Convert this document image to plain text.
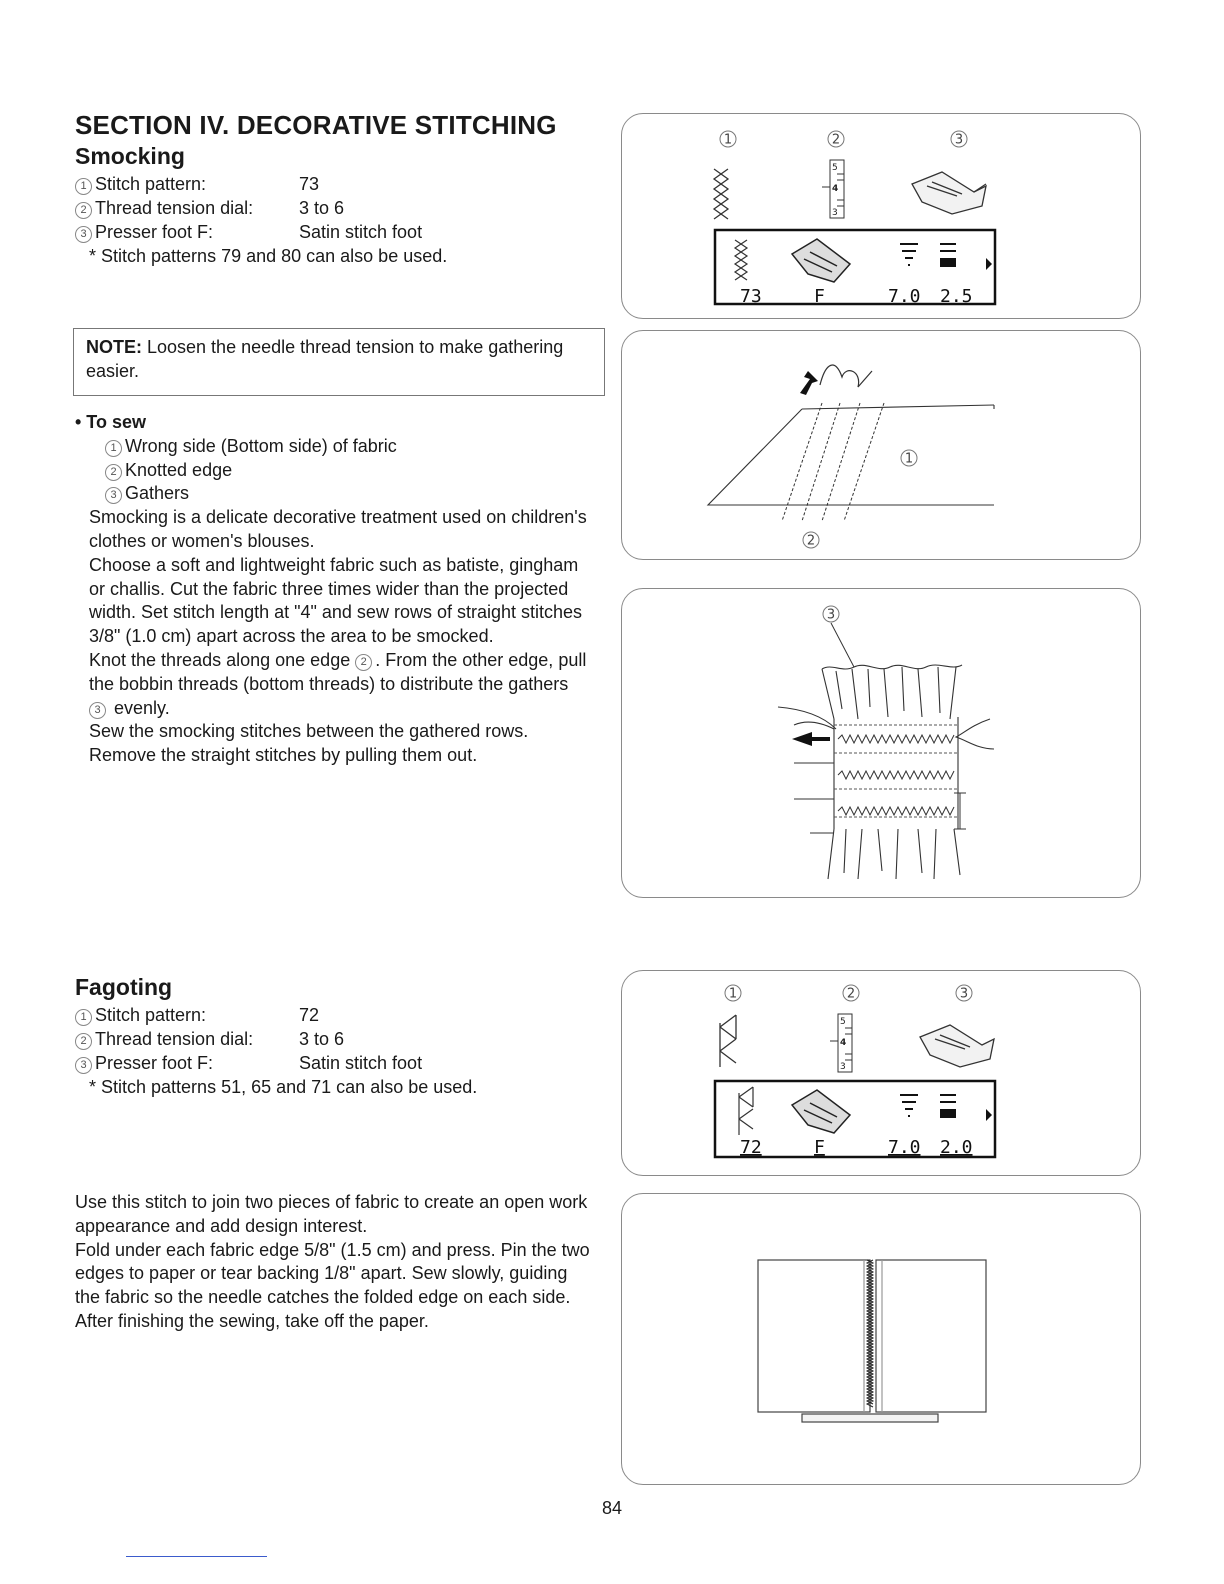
SECTION IV. DECORATIVE STITCHING
Smocking
1 Stitch pattern:	73
2 Thread tension dial:	3 to 6
3 Presser foot F:	Satin stitch foot
* Stitch patterns 79 and 80 can also be used.
NOTE: Loosen the needle thread tension to make gathering easier.

• To sew

1 Wrong side (Bottom side) of fabric

2 Knotted edge

3 Gathers

Smocking is a delicate decorative treatment used on children's clothes or women's blouses.

Choose a soft and lightweight fabric such as batiste, gingham or challis. Cut the fabric three times wider than the projected width. Set stitch length at "4" and sew rows of straight stitches 3/8" (1.0 cm) apart across the area to be smocked.

Knot the threads along one edge 2 . From the other edge, pull the bobbin threads (bottom threads) to distribute the gathers 3 evenly.

Sew the smocking stitches between the gathered rows.

Remove the straight stitches by pulling them out.

1	2	3
5
4
3
73	F	7.0 2.5
1
2
3
Fagoting
1 Stitch pattern:	72
2 Thread tension dial:	3 to 6
3 Presser foot F:	Satin stitch foot
* Stitch patterns 51, 65 and 71 can also be used.

Use this stitch to join two pieces of fabric to create an open work appearance and add design interest.

Fold under each fabric edge 5/8" (1.5 cm) and press. Pin the two edges to paper or tear backing 1/8" apart. Sew slowly, guiding the fabric so the needle catches the folded edge on each side.

After finishing the sewing, take off the paper.

1	2	3
5
4
3
72	F	7.0 2.0
84
